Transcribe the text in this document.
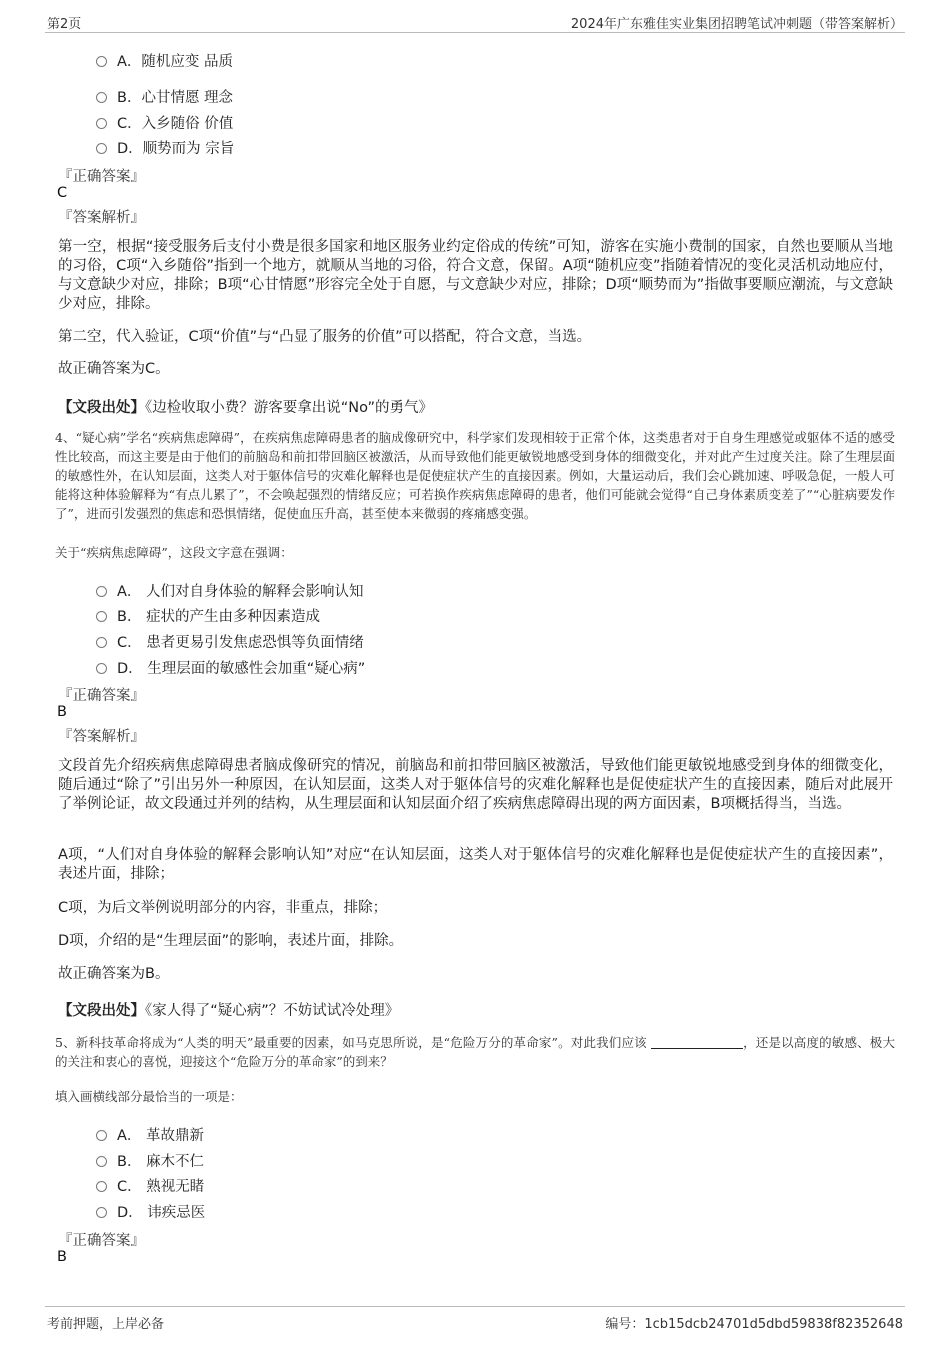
第2页	2024年广东雅佳实业集团招聘笔试冲刺题（带答案解析）
A．随机应变 品质
B．心甘情愿 理念
C．入乡随俗 价值
D．顺势而为 宗旨
『正确答案』
C
『答案解析』
第一空，根据“接受服务后支付小费是很多国家和地区服务业约定俗成的传统”可知，游客在实施小费制的国家，自然也要顺从当地的习俗，C项“入乡随俗”指到一个地方，就顺从当地的习俗，符合文意，保留。A项“随机应变”指随着情况的变化灵活机动地应付，与文意缺少对应，排除；B项“心甘情愿”形容完全处于自愿，与文意缺少对应，排除；D项“顺势而为”指做事要顺应潮流，与文意缺少对应，排除。
第二空，代入验证，C项“价值”与“凸显了服务的价值”可以搭配，符合文意，当选。
故正确答案为C。
【文段出处】《边检收取小费？游客要拿出说“No”的勇气》
4、“疑心病”学名“疾病焦虑障碍”，在疾病焦虑障碍患者的脑成像研究中，科学家们发现相较于正常个体，这类患者对于自身生理感觉或躯体不适的感受性比较高，而这主要是由于他们的前脑岛和前扣带回脑区被激活，从而导致他们能更敏锐地感受到身体的细微变化，并对此产生过度关注。除了生理层面的敏感性外，在认知层面，这类人对于躯体信号的灾难化解释也是促使症状产生的直接因素。例如，大量运动后，我们会心跳加速、呼吸急促，一般人可能将这种体验解释为“有点儿累了”，不会唤起强烈的情绪反应；可若换作疾病焦虑障碍的患者，他们可能就会觉得“自己身体素质变差了”“心脏病要发作了”，进而引发强烈的焦虑和恐惧情绪，促使血压升高，甚至使本来微弱的疼痛感变强。
关于“疾病焦虑障碍”，这段文字意在强调：
A． 人们对自身体验的解释会影响认知
B． 症状的产生由多种因素造成
C． 患者更易引发焦虑恐惧等负面情绪
D． 生理层面的敏感性会加重“疑心病”
『正确答案』
B
『答案解析』
文段首先介绍疾病焦虑障碍患者脑成像研究的情况，前脑岛和前扣带回脑区被激活，导致他们能更敏锐地感受到身体的细微变化，随后通过“除了”引出另外一种原因，在认知层面，这类人对于躯体信号的灾难化解释也是促使症状产生的直接因素，随后对此展开了举例论证，故文段通过并列的结构，从生理层面和认知层面介绍了疾病焦虑障碍出现的两方面因素，B项概括得当，当选。
A项，“人们对自身体验的解释会影响认知”对应“在认知层面，这类人对于躯体信号的灾难化解释也是促使症状产生的直接因素”，表述片面，排除；
C项，为后文举例说明部分的内容，非重点，排除；
D项，介绍的是“生理层面”的影响，表述片面，排除。
故正确答案为B。
【文段出处】《家人得了“疑心病”？不妨试试冷处理》
5、新科技革命将成为“人类的明天”最重要的因素，如马克思所说，是“危险万分的革命家”。对此我们应该	，还是以高度的敏感、极大的关注和衷心的喜悦，迎接这个“危险万分的革命家”的到来？
填入画横线部分最恰当的一项是：
A． 革故鼎新
B． 麻木不仁
C． 熟视无睹
D． 讳疾忌医
『正确答案』
B
考前押题，上岸必备	编号：1cb15dcb24701d5dbd59838f82352648
